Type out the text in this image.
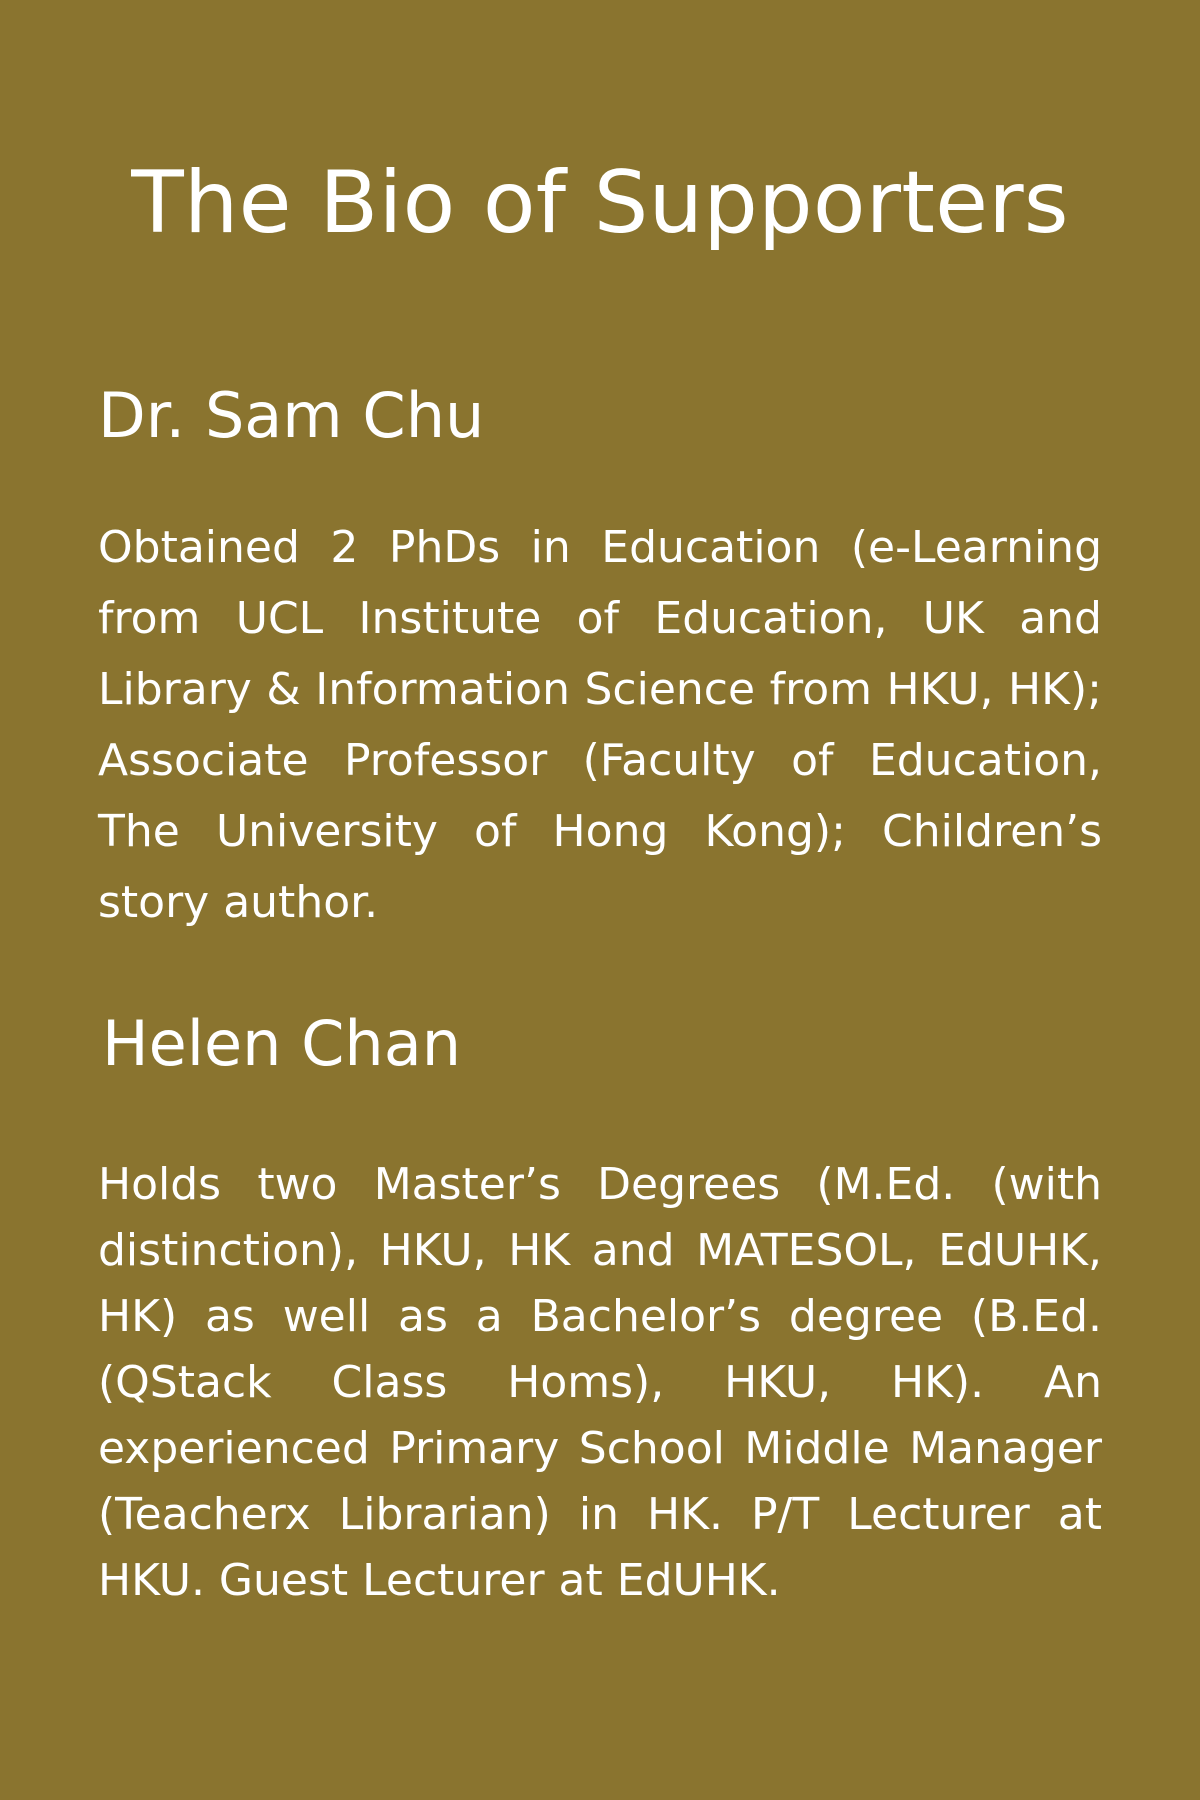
The Bio of Supporters
Dr. Sam Chu

Obtained 2 PhDs in Education (e-Learning from UCL Institute of Education, UK and Library & Information Science from HKU, HK); Associate Professor (Faculty of Education, The University of Hong Kong); Children’s story author.

Helen Chan

Holds two Master’s Degrees (M.Ed. (with distinction), HKU, HK and MATESOL, EdUHK, HK) as well as a Bachelor’s degree (B.Ed. (QStack Class Homs), HKU, HK). An experienced Primary School Middle Manager (Teacherx Librarian) in HK. P/T Lecturer at HKU. Guest Lecturer at EdUHK.
